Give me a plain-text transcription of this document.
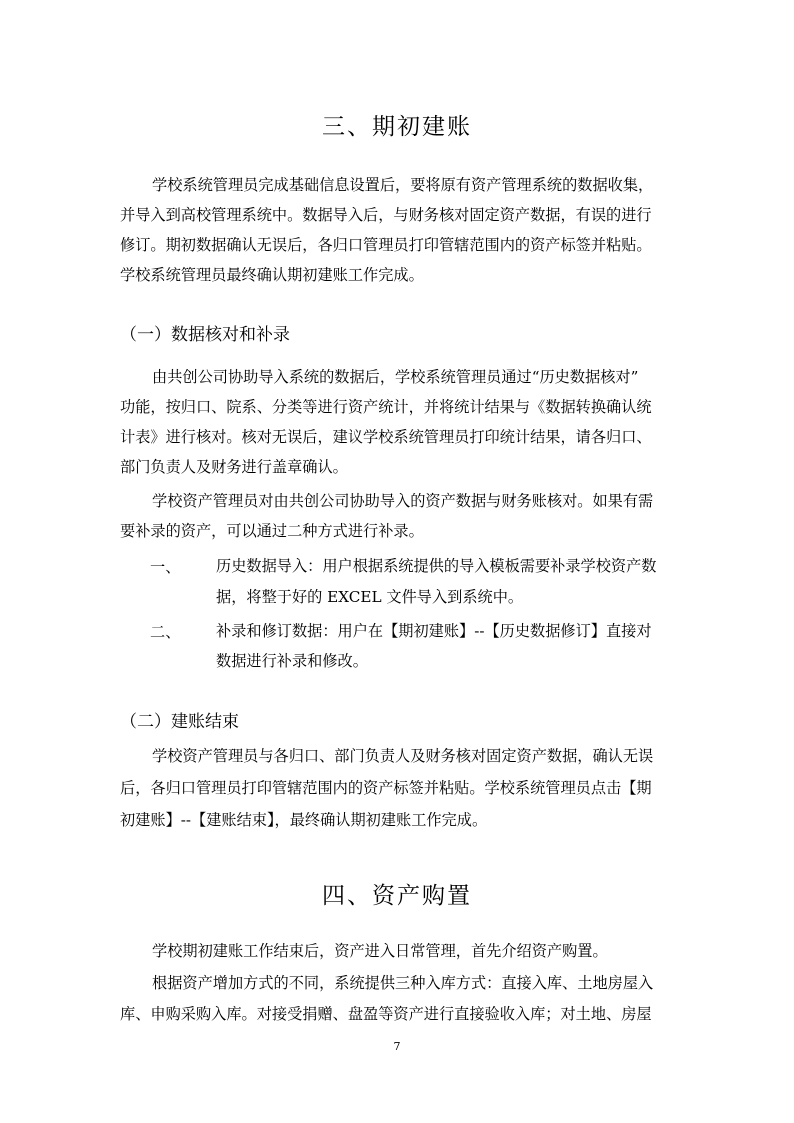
三、期初建账
学校系统管理员完成基础信息设置后，要将原有资产管理系统的数据收集，
并导入到高校管理系统中。数据导入后，与财务核对固定资产数据，有误的进行
修订。期初数据确认无误后，各归口管理员打印管辖范围内的资产标签并粘贴。
学校系统管理员最终确认期初建账工作完成。
（一）数据核对和补录
由共创公司协助导入系统的数据后，学校系统管理员通过“历史数据核对”
功能，按归口、院系、分类等进行资产统计，并将统计结果与《数据转换确认统
计表》进行核对。核对无误后，建议学校系统管理员打印统计结果，请各归口、
部门负责人及财务进行盖章确认。
学校资产管理员对由共创公司协助导入的资产数据与财务账核对。如果有需
要补录的资产，可以通过二种方式进行补录。
一、 历史数据导入：用户根据系统提供的导入模板需要补录学校资产数
据，将整于好的 EXCEL 文件导入到系统中。
二、 补录和修订数据：用户在【期初建账】--【历史数据修订】直接对
数据进行补录和修改。
（二）建账结束
学校资产管理员与各归口、部门负责人及财务核对固定资产数据，确认无误
后，各归口管理员打印管辖范围内的资产标签并粘贴。学校系统管理员点击【期
初建账】--【建账结束】，最终确认期初建账工作完成。
四、资产购置
学校期初建账工作结束后，资产进入日常管理，首先介绍资产购置。
根据资产增加方式的不同，系统提供三种入库方式：直接入库、土地房屋入
库、申购采购入库。对接受捐赠、盘盈等资产进行直接验收入库；对土地、房屋
7
